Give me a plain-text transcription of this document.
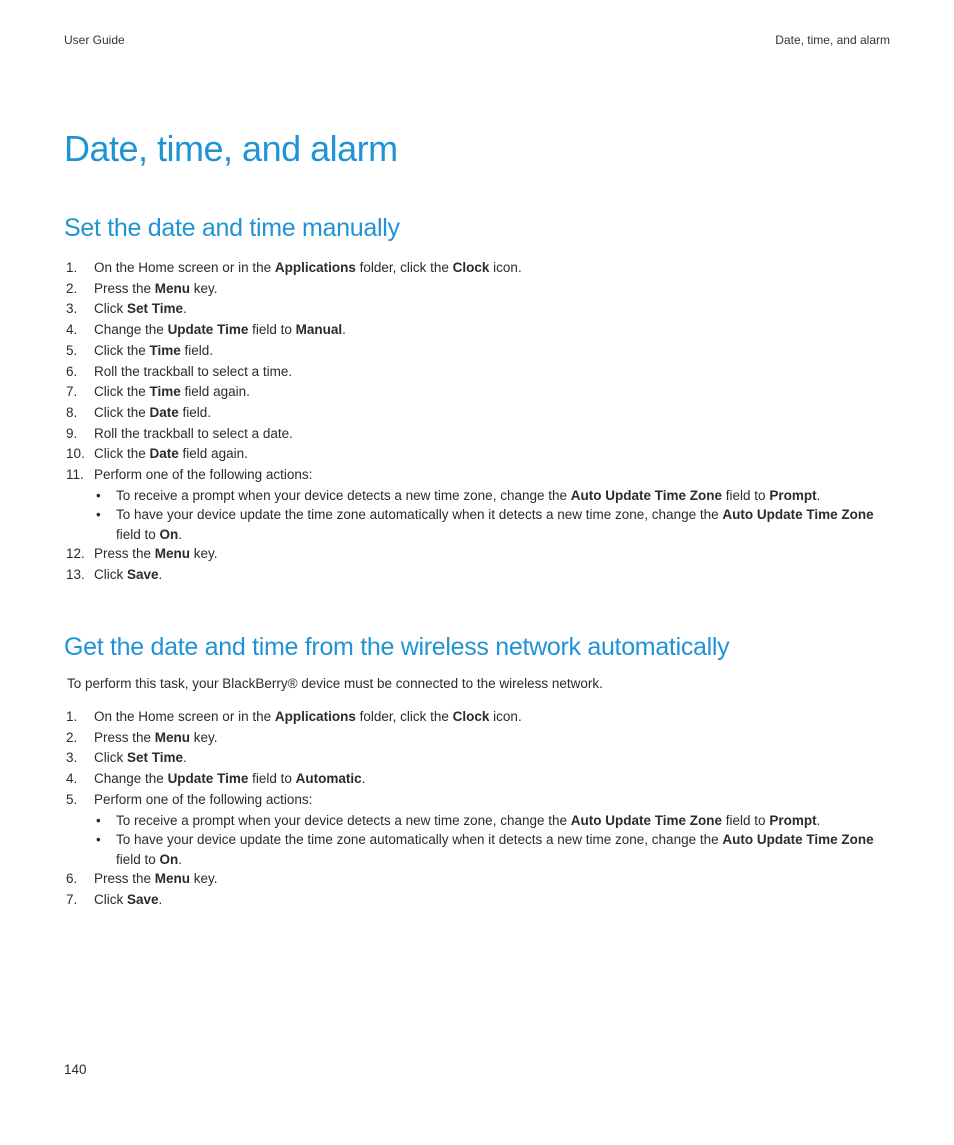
User Guide	Date, time, and alarm
Date, time, and alarm
Set the date and time manually
1. On the Home screen or in the Applications folder, click the Clock icon.
2. Press the Menu key.
3. Click Set Time.
4. Change the Update Time field to Manual.
5. Click the Time field.
6. Roll the trackball to select a time.
7. Click the Time field again.
8. Click the Date field.
9. Roll the trackball to select a date.
10. Click the Date field again.
11. Perform one of the following actions:
• To receive a prompt when your device detects a new time zone, change the Auto Update Time Zone field to Prompt.
• To have your device update the time zone automatically when it detects a new time zone, change the Auto Update Time Zone field to On.
12. Press the Menu key.
13. Click Save.
Get the date and time from the wireless network automatically

To perform this task, your BlackBerry® device must be connected to the wireless network.

1. On the Home screen or in the Applications folder, click the Clock icon.
2. Press the Menu key.
3. Click Set Time.
4. Change the Update Time field to Automatic.
5. Perform one of the following actions:
• To receive a prompt when your device detects a new time zone, change the Auto Update Time Zone field to Prompt.
• To have your device update the time zone automatically when it detects a new time zone, change the Auto Update Time Zone field to On.
6. Press the Menu key.
7. Click Save.
140
